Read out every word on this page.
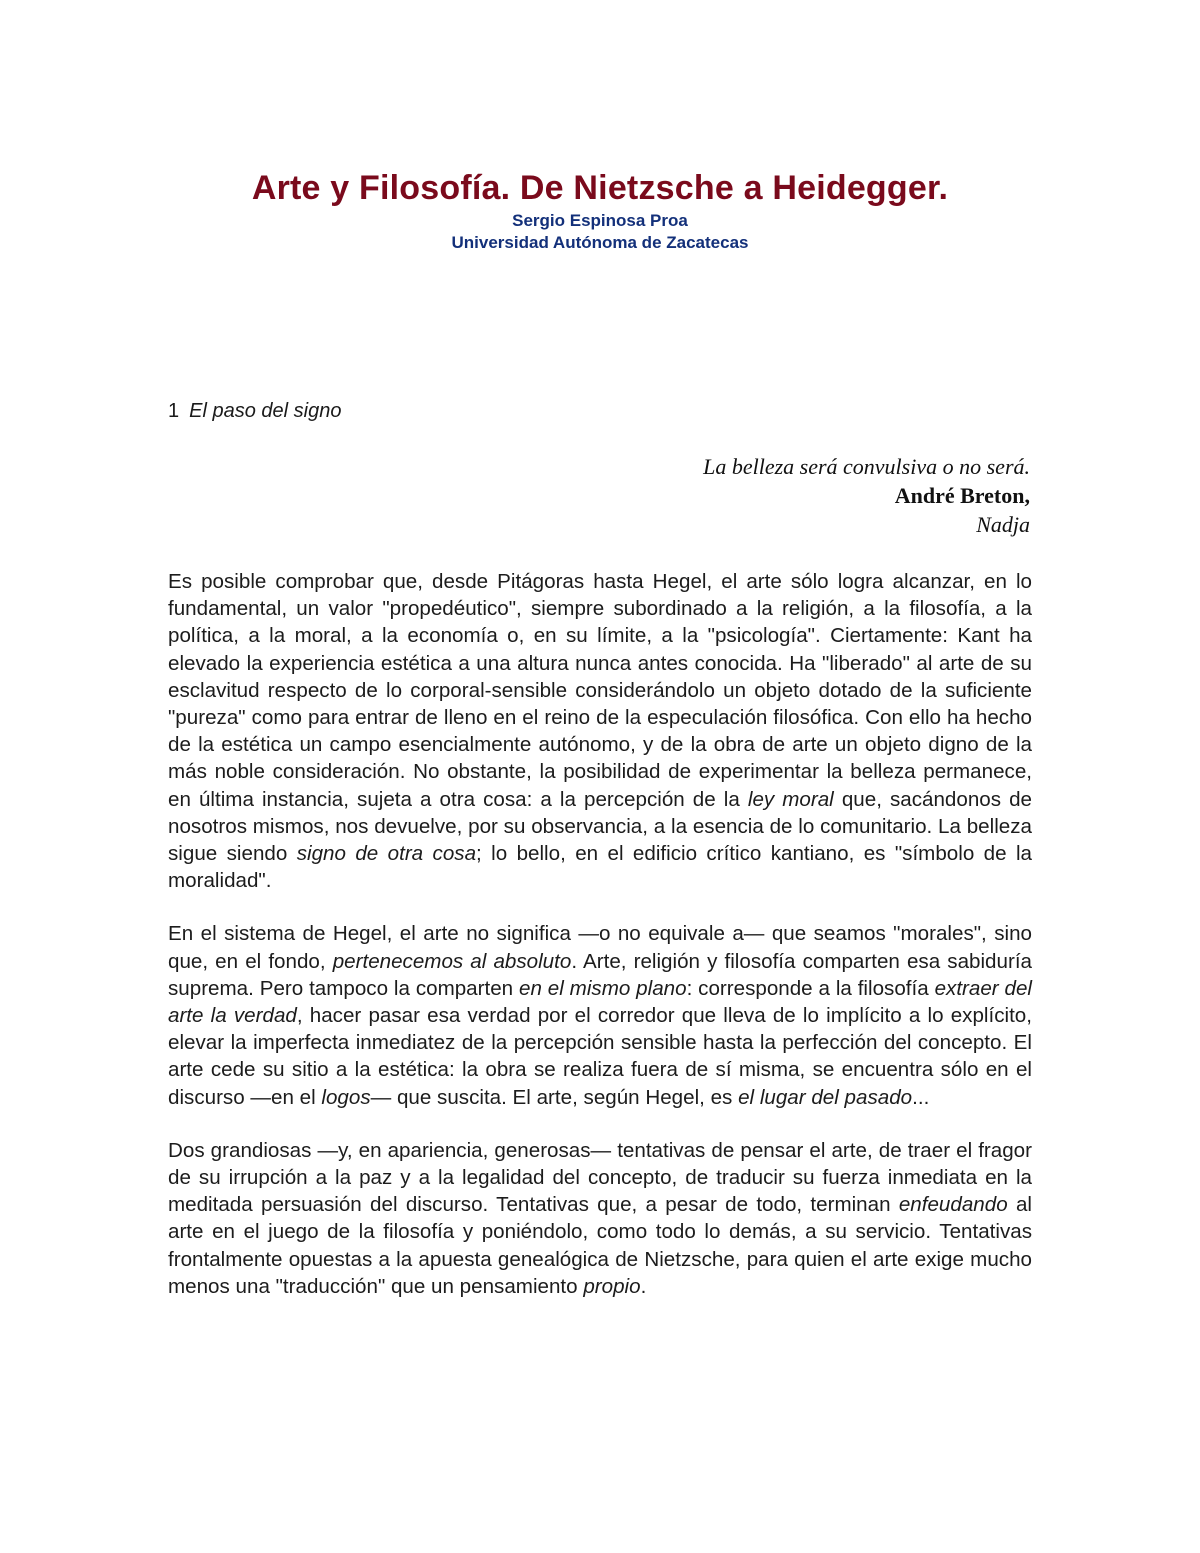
Arte y Filosofía. De Nietzsche a Heidegger.

Sergio Espinosa Proa

Universidad Autónoma de Zacatecas

1 El paso del signo

La belleza será convulsiva o no será.

André Breton,

Nadja

Es posible comprobar que, desde Pitágoras hasta Hegel, el arte sólo logra alcanzar, en lo fundamental, un valor "propedéutico", siempre subordinado a la religión, a la filosofía, a la política, a la moral, a la economía o, en su límite, a la "psicología". Ciertamente: Kant ha elevado la experiencia estética a una altura nunca antes conocida. Ha "liberado" al arte de su esclavitud respecto de lo corporal-sensible considerándolo un objeto dotado de la suficiente "pureza" como para entrar de lleno en el reino de la especulación filosófica. Con ello ha hecho de la estética un campo esencialmente autónomo, y de la obra de arte un objeto digno de la más noble consideración. No obstante, la posibilidad de experimentar la belleza permanece, en última instancia, sujeta a otra cosa: a la percepción de la ley moral que, sacándonos de nosotros mismos, nos devuelve, por su observancia, a la esencia de lo comunitario. La belleza sigue siendo signo de otra cosa; lo bello, en el edificio crítico kantiano, es "símbolo de la moralidad".

En el sistema de Hegel, el arte no significa —o no equivale a— que seamos "morales", sino que, en el fondo, pertenecemos al absoluto. Arte, religión y filosofía comparten esa sabiduría suprema. Pero tampoco la comparten en el mismo plano: corresponde a la filosofía extraer del arte la verdad, hacer pasar esa verdad por el corredor que lleva de lo implícito a lo explícito, elevar la imperfecta inmediatez de la percepción sensible hasta la perfección del concepto. El arte cede su sitio a la estética: la obra se realiza fuera de sí misma, se encuentra sólo en el discurso —en el logos— que suscita. El arte, según Hegel, es el lugar del pasado...

Dos grandiosas —y, en apariencia, generosas— tentativas de pensar el arte, de traer el fragor de su irrupción a la paz y a la legalidad del concepto, de traducir su fuerza inmediata en la meditada persuasión del discurso. Tentativas que, a pesar de todo, terminan enfeudando al arte en el juego de la filosofía y poniéndolo, como todo lo demás, a su servicio. Tentativas frontalmente opuestas a la apuesta genealógica de Nietzsche, para quien el arte exige mucho menos una "traducción" que un pensamiento propio.
